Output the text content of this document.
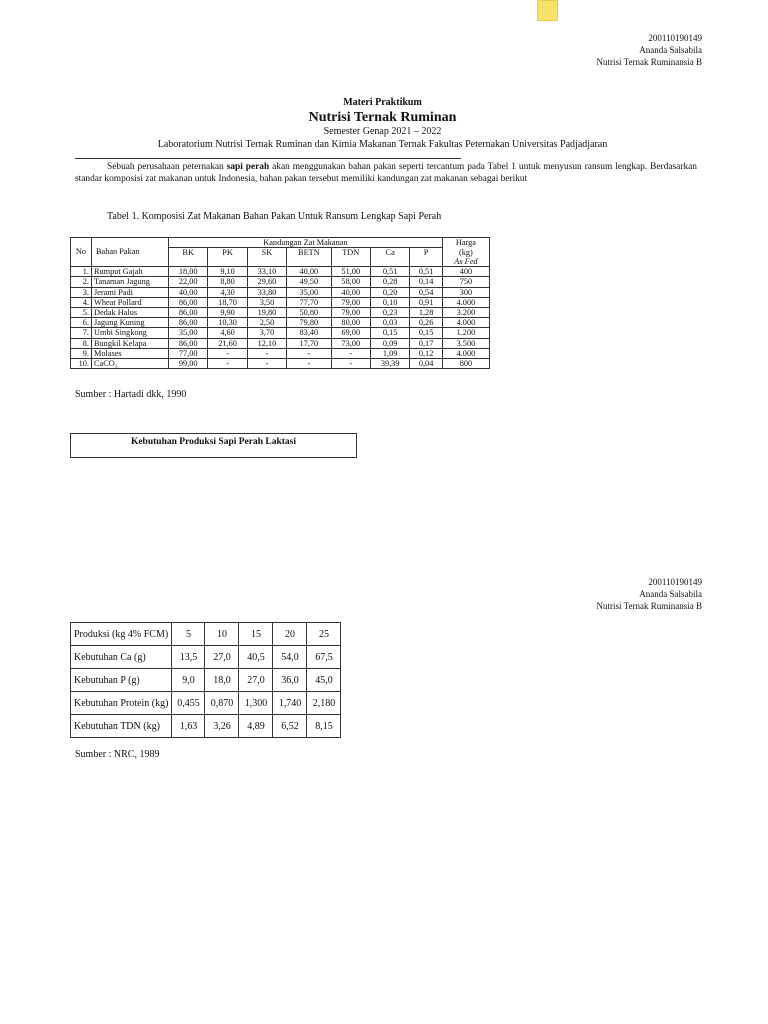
200110190149
Ananda Salsabila
Nutrisi Ternak Ruminansia B
Materi Praktikum
Nutrisi Ternak Ruminan
Semester Genap 2021 – 2022
Laboratorium Nutrisi Ternak Ruminan dan Kimia Makanan Ternak Fakultas Peternakan Universitas Padjadjaran
Sebuah perusahaan peternakan sapi perah akan menggunakan bahan pakan seperti tercantum pada Tabel 1 untuk menyusun ransum lengkap. Berdasarkan standar komposisi zat makanan untuk Indonesia, bahan pakan tersebut memiliki kandungan zat makanan sebagai berikut
Tabel 1. Komposisi Zat Makanan Bahan Pakan Untuk Ransum Lengkap Sapi Perah
No	Bahan Pakan	Kandungan Zat Makanan							Harga
		BK	PK	SK	BETN	TDN	Ca	P	(kg)
									As Fed
1.	Rumput Gajah	18,00	9,10	33,10	40,00	51,00	0,51	0,51	400
2.	Tanaman Jagung	22,00	8,80	29,60	49,50	58,00	0,28	0,14	750
3.	Jerami Padi	40,00	4,30	33,80	35,00	40,00	0,20	0,54	300
4.	Wheat Pollard	86,00	18,70	3,50	77,70	79,00	0,10	0,91	4.000
5.	Dedak Halus	86,00	9,90	19,80	50,80	79,00	0,23	1,28	3.200
6.	Jagung Kuning	86,00	10,30	2,50	79,80	80,00	0,03	0,26	4.000
7.	Umbi Singkong	35,00	4,60	3,70	83,40	69,00	0,15	0,15	1.200
8.	Bungkil Kelapa	86,00	21,60	12,10	17,70	73,00	0,09	0,17	3.500
9.	Molases	77,00	-	-	-	-	1,09	0,12	4.000
10.	CaCO₃	99,00	-	-	-	-	39,39	0,04	800
Sumber : Hartadi dkk, 1990
Kebutuhan Produksi Sapi Perah Laktasi
200110190149
Ananda Salsabila
Nutrisi Ternak Ruminansia B
Produksi (kg 4% FCM)	5	10	15	20	25
Kebutuhan Ca (g)	13,5	27,0	40,5	54,0	67,5
Kebutuhan P (g)	9,0	18,0	27,0	36,0	45,0
Kebutuhan Protein (kg)	0,455	0,870	1,300	1,740	2,180
Kebutuhan TDN (kg)	1,63	3,26	4,89	6,52	8,15
Sumber : NRC, 1989
